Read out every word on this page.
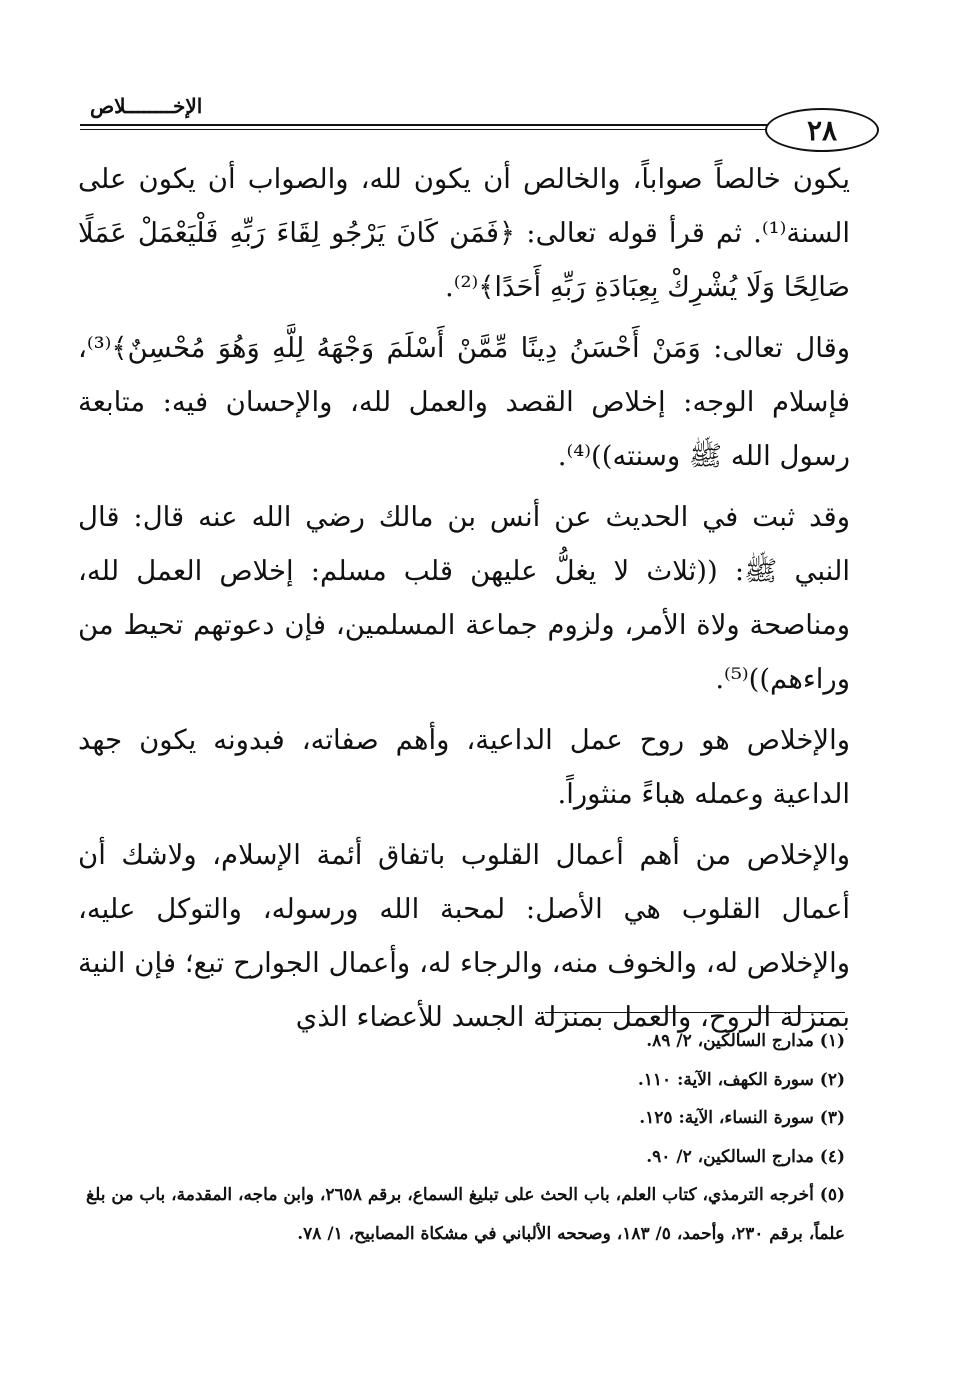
الإخــــــــلاص
٢٨

يكون خالصاً صواباً، والخالص أن يكون لله، والصواب أن يكون على السنة⁽¹⁾. ثم قرأ قوله تعالى: ﴿فَمَن كَانَ يَرْجُو لِقَاءَ رَبِّهِ فَلْيَعْمَلْ عَمَلًا صَالِحًا وَلَا يُشْرِكْ بِعِبَادَةِ رَبِّهِ أَحَدًا﴾⁽²⁾.

وقال تعالى: وَمَنْ أَحْسَنُ دِينًا مِّمَّنْ أَسْلَمَ وَجْهَهُ لِلَّهِ وَهُوَ مُحْسِنٌ﴾⁽³⁾، فإسلام الوجه: إخلاص القصد والعمل لله، والإحسان فيه: متابعة رسول الله ﷺ وسنته))⁽⁴⁾.

وقد ثبت في الحديث عن أنس بن مالك رضي الله عنه قال: قال النبي ﷺ: ((ثلاث لا يغلُّ عليهن قلب مسلم: إخلاص العمل لله، ومناصحة ولاة الأمر، ولزوم جماعة المسلمين، فإن دعوتهم تحيط من وراءهم))⁽⁵⁾.

والإخلاص هو روح عمل الداعية، وأهم صفاته، فبدونه يكون جهد الداعية وعمله هباءً منثوراً.

والإخلاص من أهم أعمال القلوب باتفاق أئمة الإسلام، ولاشك أن أعمال القلوب هي الأصل: لمحبة الله ورسوله، والتوكل عليه، والإخلاص له، والخوف منه، والرجاء له، وأعمال الجوارح تبع؛ فإن النية بمنزلة الروح، والعمل بمنزلة الجسد للأعضاء الذي

(١) مدارج السالكين، ٢/ ٨٩.
(٢) سورة الكهف، الآية: ١١٠.
(٣) سورة النساء، الآية: ١٢٥.
(٤) مدارج السالكين، ٢/ ٩٠.
(٥) أخرجه الترمذي، كتاب العلم، باب الحث على تبليغ السماع، برقم ٢٦٥٨، وابن ماجه، المقدمة، باب من بلغ علماً، برقم ٢٣٠، وأحمد، ٥/ ١٨٣، وصححه الألباني في مشكاة المصابيح، ١/ ٧٨.
